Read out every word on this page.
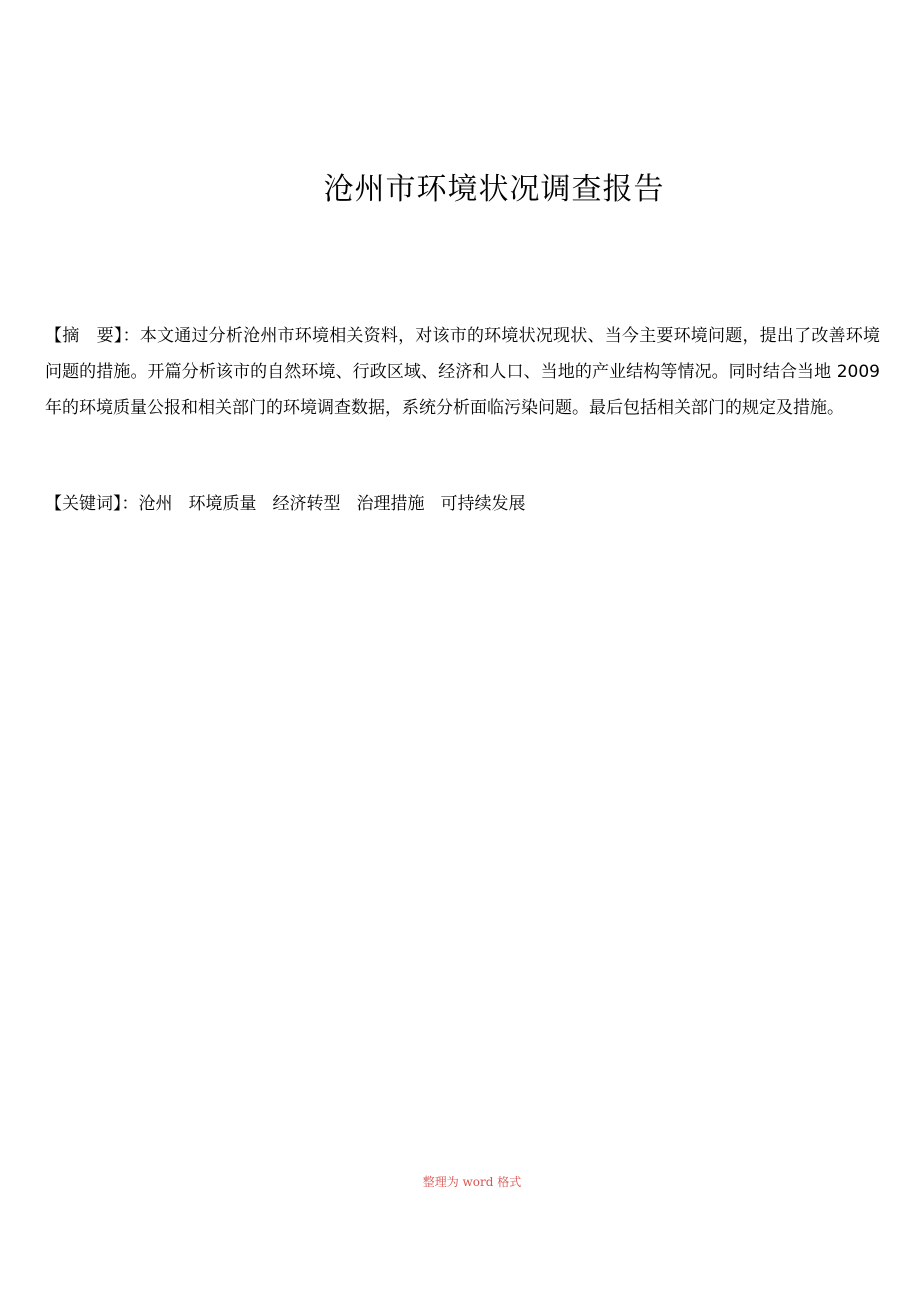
沧州市环境状况调查报告
【摘　要】：本文通过分析沧州市环境相关资料，对该市的环境状况现状、当今主要环境问题，提出了改善环境问题的措施。开篇分析该市的自然环境、行政区域、经济和人口、当地的产业结构等情况。同时结合当地 2009 年的环境质量公报和相关部门的环境调查数据，系统分析面临污染问题。最后包括相关部门的规定及措施。
【关键词】：沧州 环境质量 经济转型 治理措施 可持续发展
整理为 word 格式
